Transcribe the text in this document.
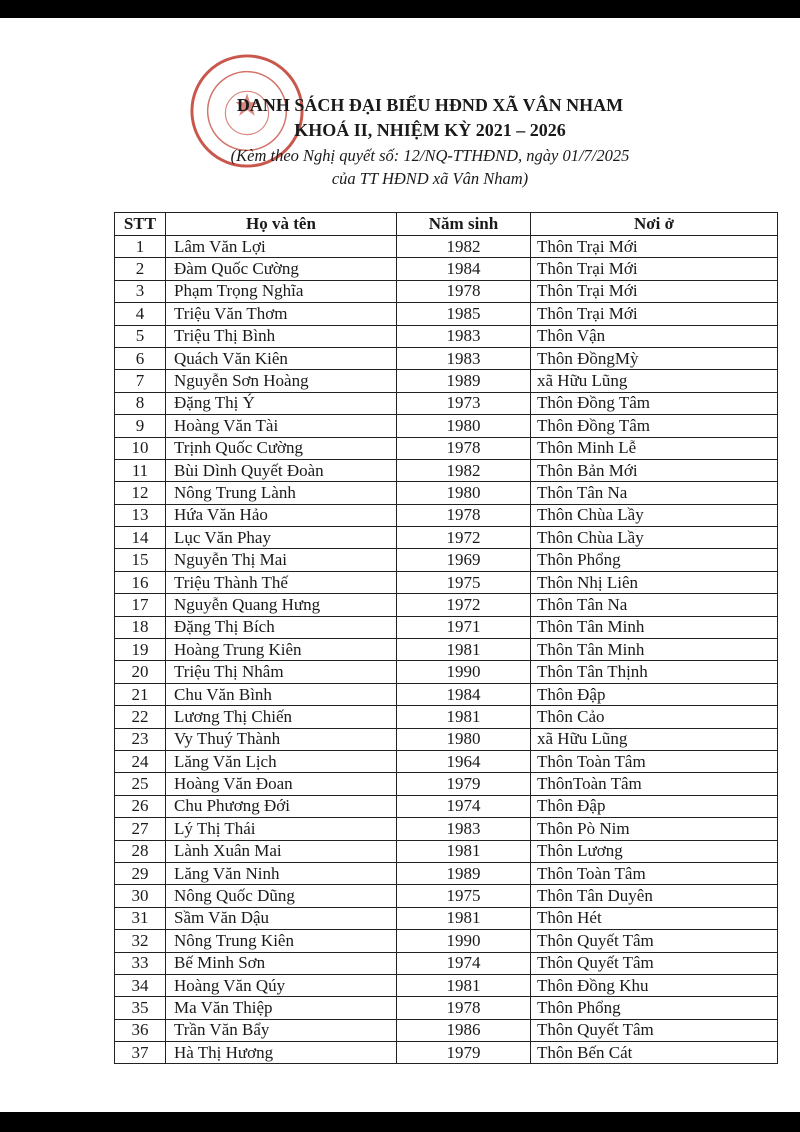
DANH SÁCH ĐẠI BIỂU HĐND XÃ VÂN NHAM
KHOÁ II, NHIỆM KỲ 2021 – 2026
(Kèm theo Nghị quyết số: 12/NQ-TTHĐND, ngày 01/7/2025
của TT HĐND xã Vân Nham)
STT	Họ và tên	Năm sinh	Nơi ở
1	Lâm Văn Lợi	1982	Thôn Trại Mới
2	Đàm Quốc Cường	1984	Thôn Trại Mới
3	Phạm Trọng Nghĩa	1978	Thôn Trại Mới
4	Triệu Văn Thơm	1985	Thôn Trại Mới
5	Triệu Thị Bình	1983	Thôn Vận
6	Quách Văn Kiên	1983	Thôn ĐồngMỳ
7	Nguyễn Sơn Hoàng	1989	xã Hữu Lũng
8	Đặng Thị Ý	1973	Thôn Đồng Tâm
9	Hoàng Văn Tài	1980	Thôn Đồng Tâm
10	Trịnh Quốc Cường	1978	Thôn Minh Lễ
11	Bùi Dình Quyết Đoàn	1982	Thôn Bản Mới
12	Nông Trung Lành	1980	Thôn Tân Na
13	Hứa Văn Hảo	1978	Thôn Chùa Lầy
14	Lục Văn Phay	1972	Thôn Chùa Lầy
15	Nguyễn Thị Mai	1969	Thôn Phổng
16	Triệu Thành Thế	1975	Thôn Nhị Liên
17	Nguyễn Quang Hưng	1972	Thôn Tân Na
18	Đặng Thị Bích	1971	Thôn Tân Minh
19	Hoàng Trung Kiên	1981	Thôn Tân Minh
20	Triệu Thị Nhâm	1990	Thôn Tân Thịnh
21	Chu Văn Bình	1984	Thôn Đập
22	Lương Thị Chiến	1981	Thôn Cảo
23	Vy Thuý Thành	1980	xã Hữu Lũng
24	Lăng Văn Lịch	1964	Thôn Toàn Tâm
25	Hoàng Văn Đoan	1979	ThônToàn Tâm
26	Chu Phương Đới	1974	Thôn Đập
27	Lý Thị Thái	1983	Thôn Pò Nim
28	Lành Xuân Mai	1981	Thôn Lương
29	Lăng Văn Ninh	1989	Thôn Toàn Tâm
30	Nông Quốc Dũng	1975	Thôn Tân Duyên
31	Sầm Văn Dậu	1981	Thôn Hét
32	Nông Trung Kiên	1990	Thôn Quyết Tâm
33	Bế Minh Sơn	1974	Thôn Quyết Tâm
34	Hoàng Văn Qúy	1981	Thôn Đồng Khu
35	Ma Văn Thiệp	1978	Thôn Phổng
36	Trần Văn Bẩy	1986	Thôn Quyết Tâm
37	Hà Thị Hương	1979	Thôn Bến Cát
